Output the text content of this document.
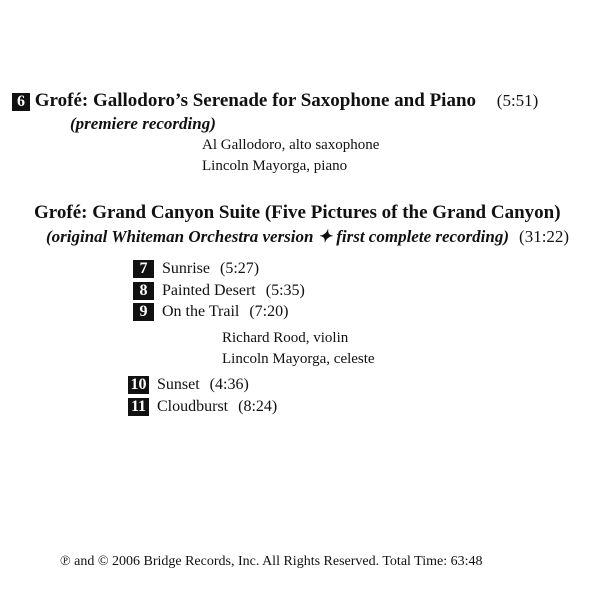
6 Grofé: Gallodoro’s Serenade for Saxophone and Piano (5:51)
(premiere recording)
Al Gallodoro, alto saxophone
Lincoln Mayorga, piano
Grofé: Grand Canyon Suite (Five Pictures of the Grand Canyon)
(original Whiteman Orchestra version ✦ first complete recording) (31:22)
7 Sunrise (5:27)
8 Painted Desert (5:35)
9 On the Trail (7:20)
Richard Rood, violin
Lincoln Mayorga, celeste
10 Sunset (4:36)
11 Cloudburst (8:24)
℗ and © 2006 Bridge Records, Inc. All Rights Reserved. Total Time: 63:48
